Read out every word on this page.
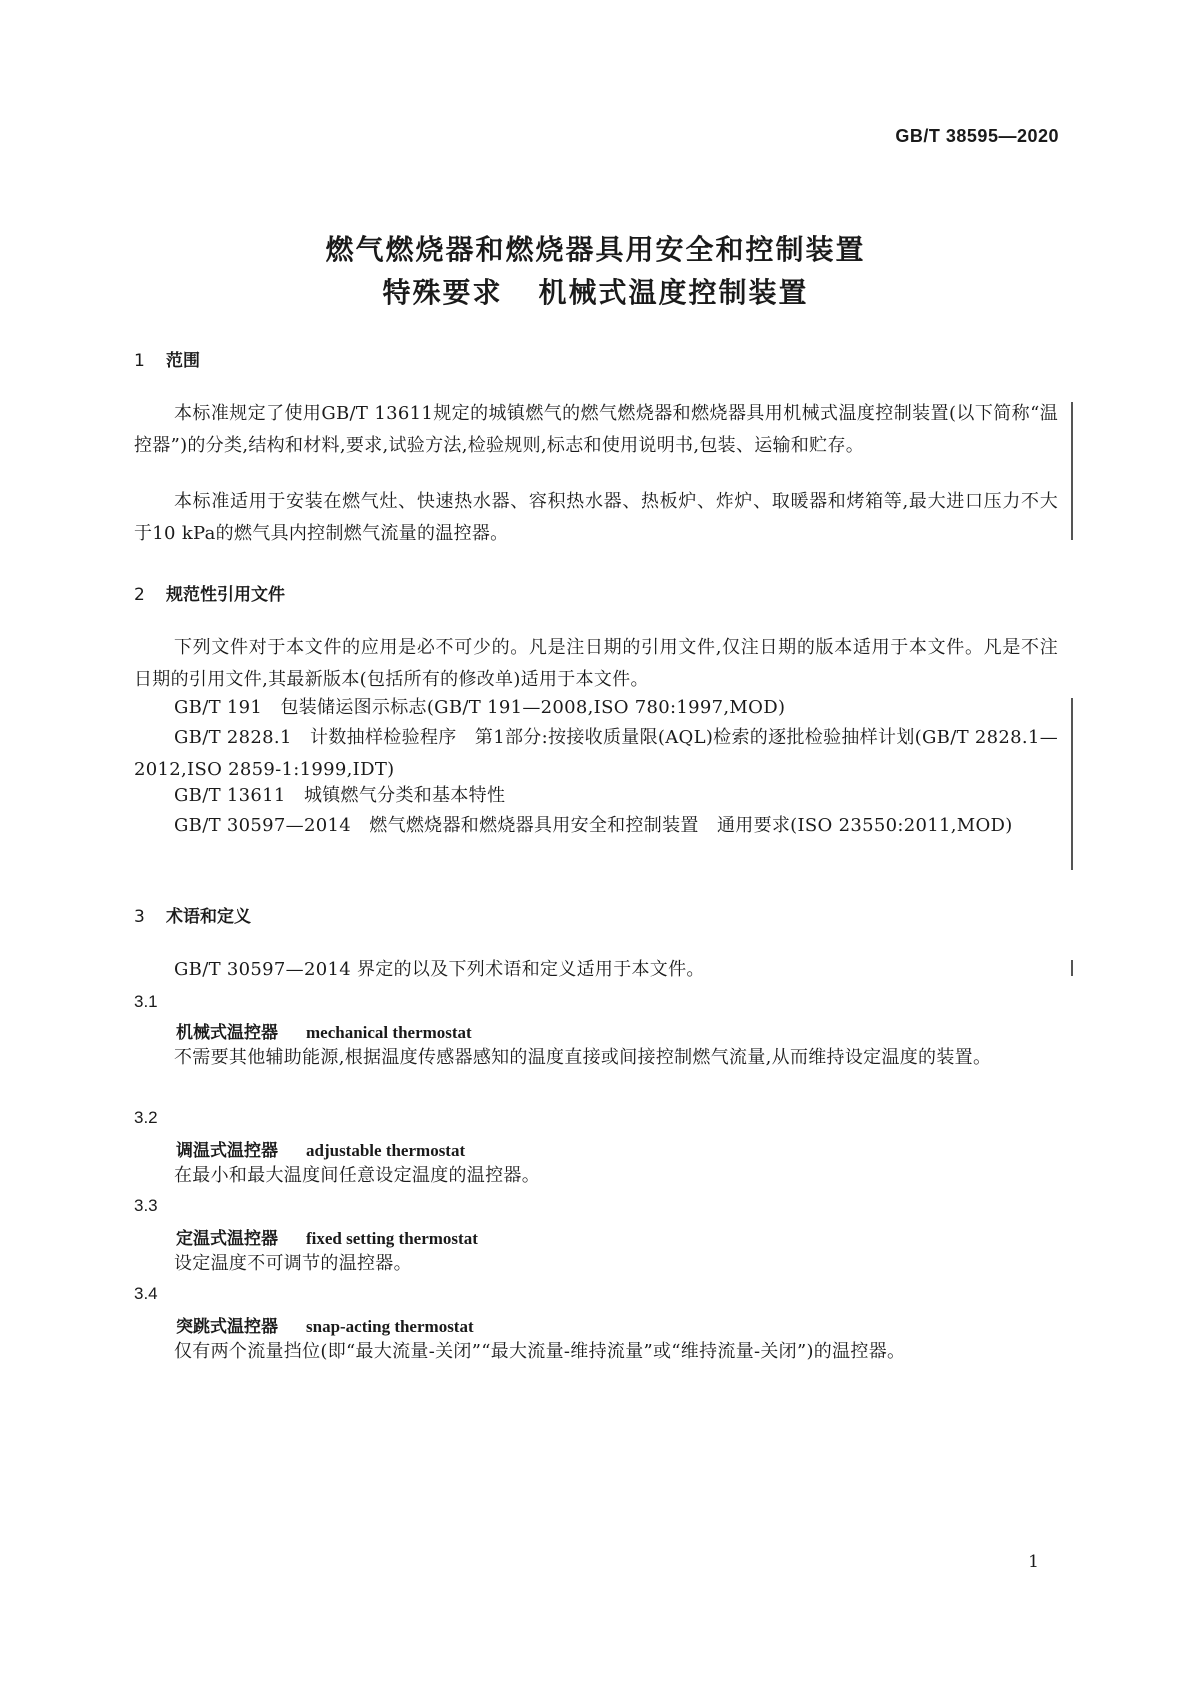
GB/T 38595—2020
燃气燃烧器和燃烧器具用安全和控制装置
特殊要求 机械式温度控制装置
1 范围
本标准规定了使用GB/T 13611规定的城镇燃气的燃气燃烧器和燃烧器具用机械式温度控制装置(以下简称“温控器”)的分类,结构和材料,要求,试验方法,检验规则,标志和使用说明书,包装、运输和贮存。
本标准适用于安装在燃气灶、快速热水器、容积热水器、热板炉、炸炉、取暖器和烤箱等,最大进口压力不大于10 kPa的燃气具内控制燃气流量的温控器。
2 规范性引用文件
下列文件对于本文件的应用是必不可少的。凡是注日期的引用文件,仅注日期的版本适用于本文件。凡是不注日期的引用文件,其最新版本(包括所有的修改单)适用于本文件。
GB/T 191　包装储运图示标志(GB/T 191—2008,ISO 780:1997,MOD)
GB/T 2828.1　计数抽样检验程序　第1部分:按接收质量限(AQL)检索的逐批检验抽样计划(GB/T 2828.1—2012,ISO 2859-1:1999,IDT)
GB/T 13611　城镇燃气分类和基本特性
GB/T 30597—2014　燃气燃烧器和燃烧器具用安全和控制装置　通用要求(ISO 23550:2011,MOD)
3 术语和定义
GB/T 30597—2014 界定的以及下列术语和定义适用于本文件。
3.1
机械式温控器 mechanical thermostat
不需要其他辅助能源,根据温度传感器感知的温度直接或间接控制燃气流量,从而维持设定温度的装置。
3.2
调温式温控器 adjustable thermostat
在最小和最大温度间任意设定温度的温控器。
3.3
定温式温控器 fixed setting thermostat
设定温度不可调节的温控器。
3.4
突跳式温控器 snap-acting thermostat
仅有两个流量挡位(即“最大流量-关闭”“最大流量-维持流量”或“维持流量-关闭”)的温控器。
1
